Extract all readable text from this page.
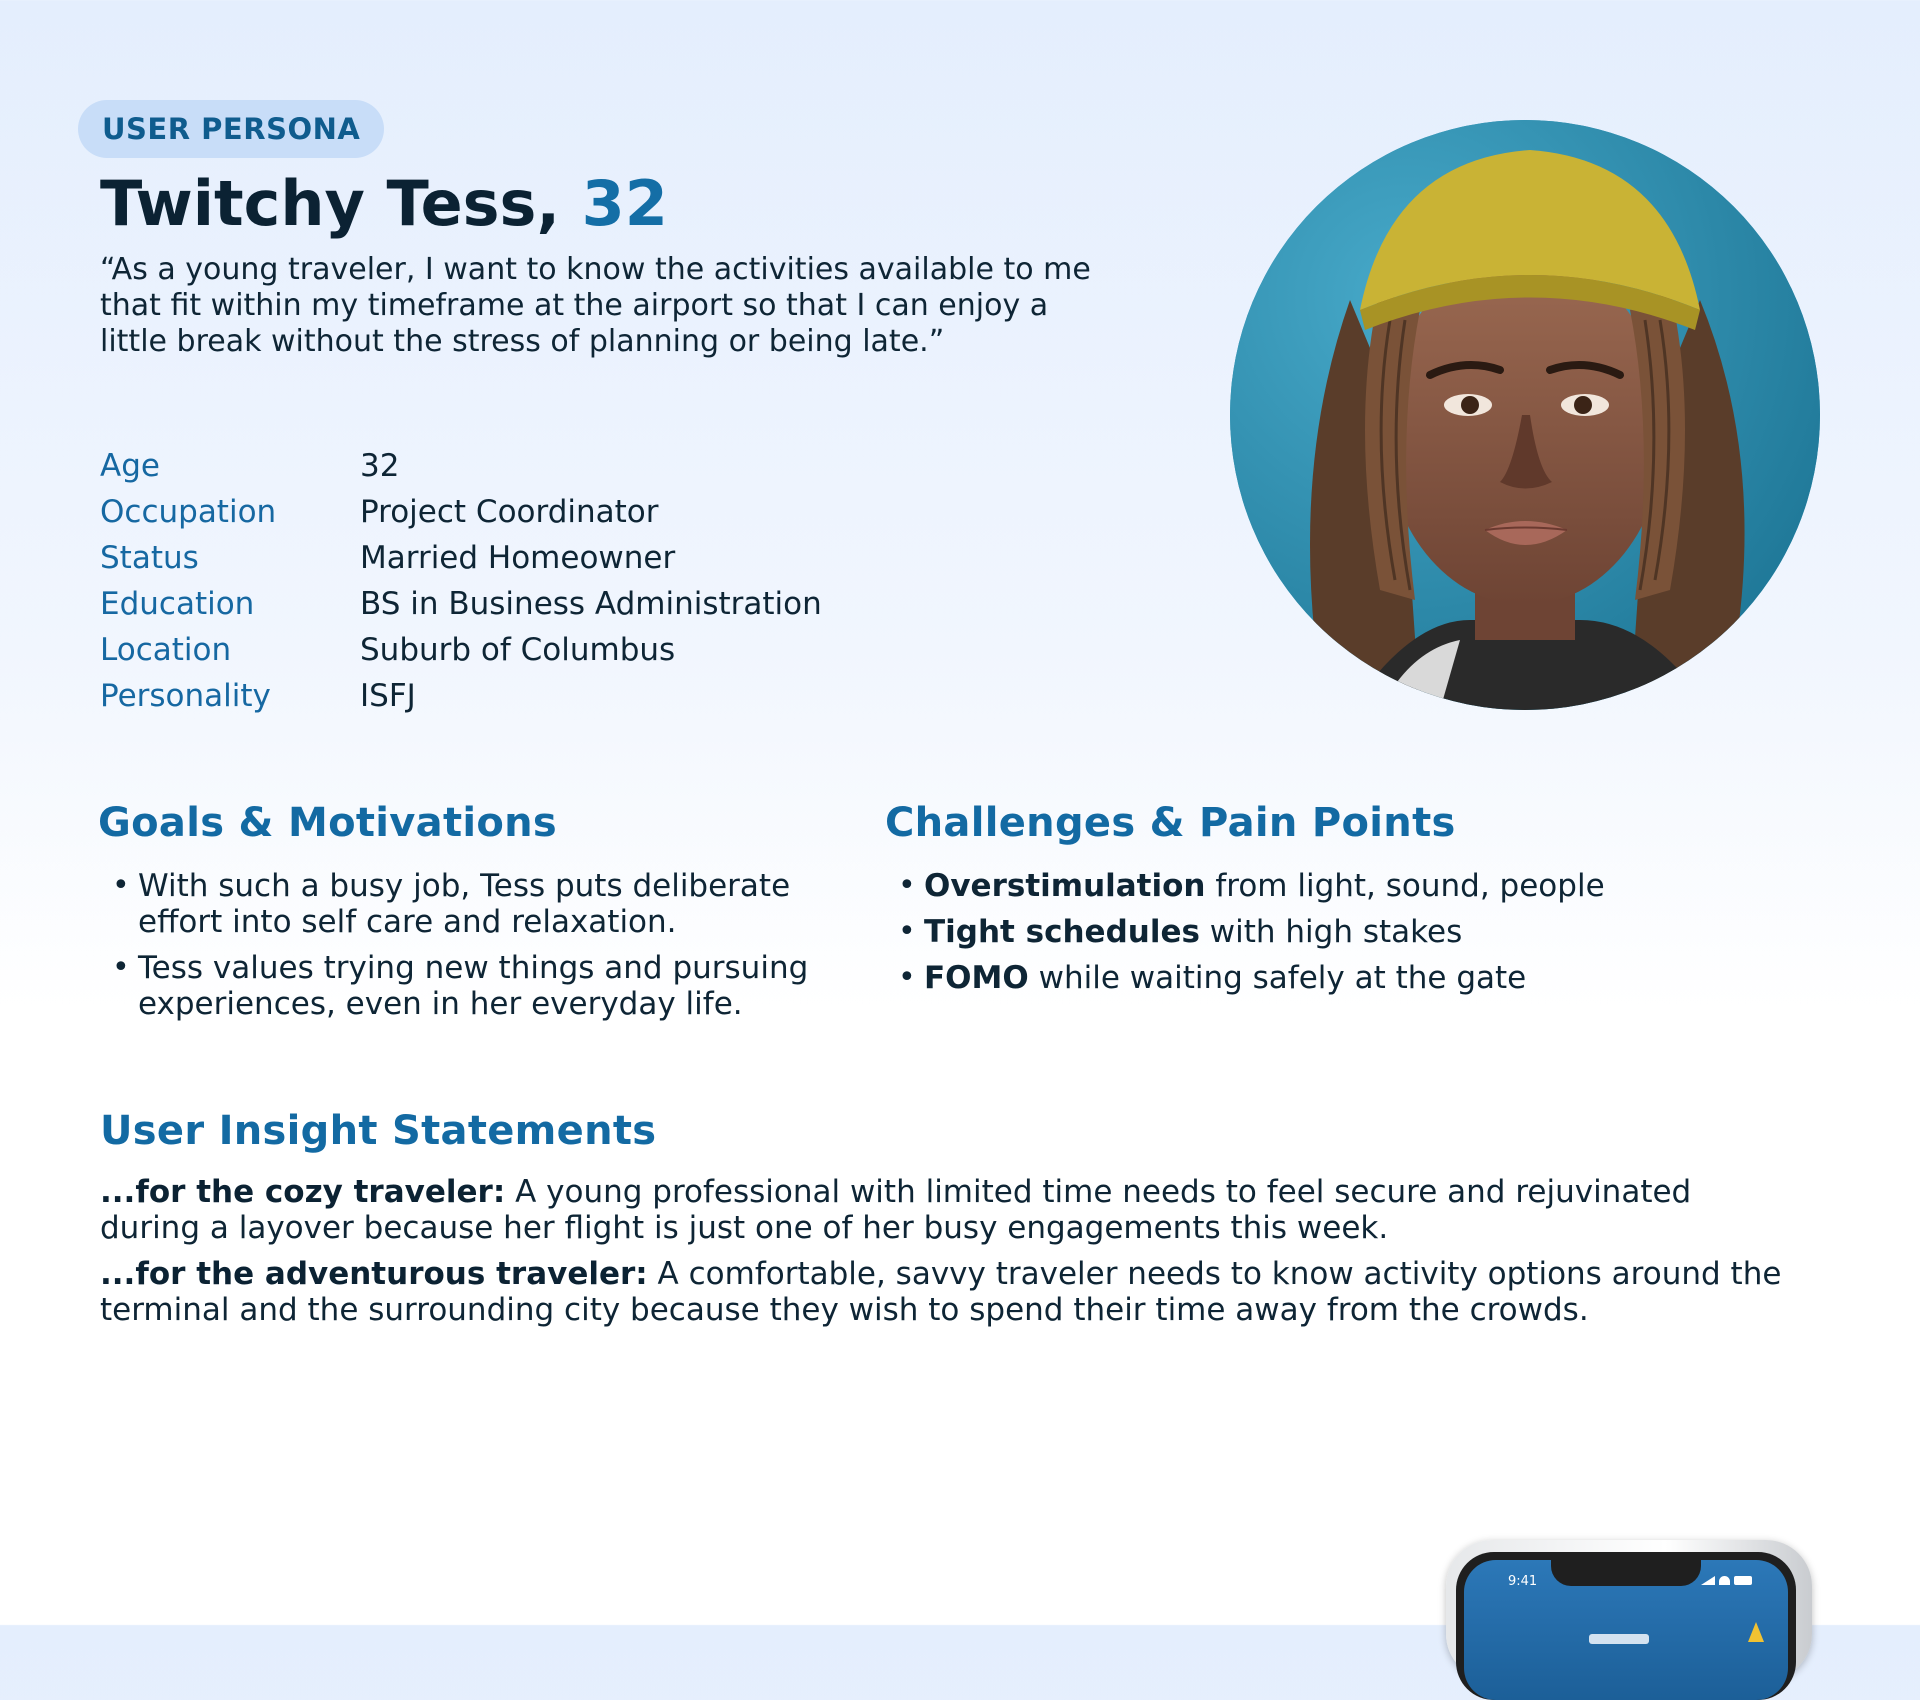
USER PERSONA
Twitchy Tess, 32

“As a young traveler, I want to know the activities available to me that fit within my timeframe at the airport so that I can enjoy a little break without the stress of planning or being late.”

Age	32
Occupation	Project Coordinator
Status	Married Homeowner
Education	BS in Business Administration
Location	Suburb of Columbus
Personality	ISFJ
Goals & Motivations
• With such a busy job, Tess puts deliberate effort into self care and relaxation.
• Tess values trying new things and pursuing experiences, even in her everyday life.
Challenges & Pain Points
• Overstimulation from light, sound, people
• Tight schedules with high stakes
• FOMO while waiting safely at the gate
User Insight Statements

...for the cozy traveler: A young professional with limited time needs to feel secure and rejuvinated during a layover because her flight is just one of her busy engagements this week.

...for the adventurous traveler: A comfortable, savvy traveler needs to know activity options around the terminal and the surrounding city because they wish to spend their time away from the crowds.

9:41
